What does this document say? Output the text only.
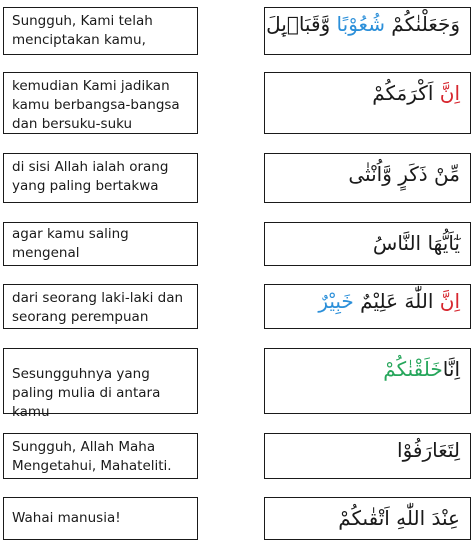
Sungguh, Kami telah menciptakan kamu,
وَجَعَلْنٰكُمْ شُعُوْبًا وَّقَبَاۤىِٕلَ
kemudian Kami jadikan kamu berbangsa-bangsa dan bersuku-suku
اِنَّ اَكْرَمَكُمْ
di sisi Allah ialah orang yang paling bertakwa	مِّنْ ذَكَرٍ وَّاُنْثٰى
agar kamu saling mengenal	يٰٓاَيُّهَا النَّاسُ
dari seorang laki-laki dan seorang perempuan
اِنَّ اللّٰهَ عَلِيْمٌ خَبِيْرٌ
Sesungguhnya yang paling mulia di antara kamu
اِنَّاخَلَقْنٰكُمْ
Sungguh, Allah Maha Mengetahui, Mahateliti.
لِتَعَارَفُوْا
Wahai manusia!	عِنْدَ اللّٰهِ اَتْقٰىكُمْ
